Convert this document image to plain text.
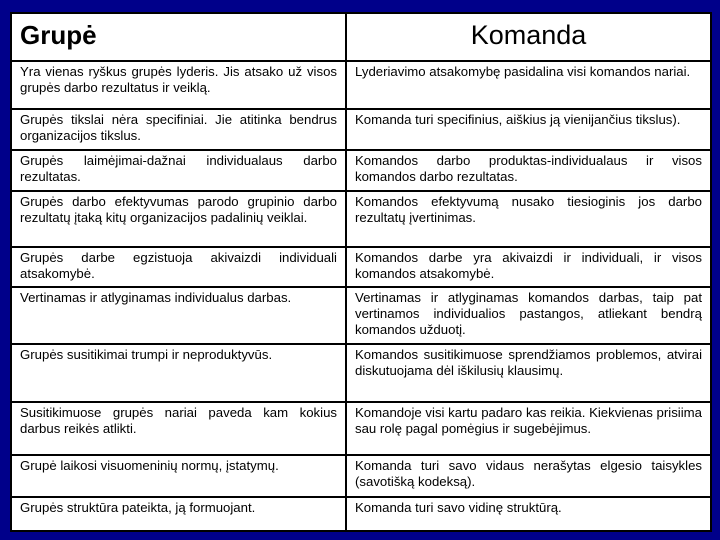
Grupė	Komanda
Yra vienas ryškus grupės lyderis. Jis atsako už visos grupės darbo rezultatus ir veiklą.	Lyderiavimo atsakomybę pasidalina visi komandos nariai.
Grupės tikslai nėra specifiniai. Jie atitinka bendrus organizacijos tikslus.	Komanda turi specifinius, aiškius ją vienijančius tikslus).
Grupės laimėjimai-dažnai individualaus darbo rezultatas.	Komandos darbo produktas-individualaus ir visos komandos darbo rezultatas.
Grupės darbo efektyvumas parodo grupinio darbo rezultatų įtaką kitų organizacijos padalinių veiklai.	Komandos efektyvumą nusako tiesioginis jos darbo rezultatų įvertinimas.
Grupės darbe egzistuoja akivaizdi individuali atsakomybė.	Komandos darbe yra akivaizdi ir individuali, ir visos komandos atsakomybė.
Vertinamas ir atlyginamas individualus darbas.	Vertinamas ir atlyginamas komandos darbas, taip pat vertinamos individualios pastangos, atliekant bendrą komandos užduotį.
Grupės susitikimai trumpi ir neproduktyvūs.	Komandos susitikimuose sprendžiamos problemos, atvirai diskutuojama dėl iškilusių klausimų.
Susitikimuose grupės nariai paveda kam kokius darbus reikės atlikti.	Komandoje visi kartu padaro kas reikia. Kiekvienas prisiima sau rolę pagal pomėgius ir sugebėjimus.
Grupė laikosi visuomeninių normų, įstatymų.	Komanda turi savo vidaus nerašytas elgesio taisykles (savotišką kodeksą).
Grupės struktūra pateikta, ją formuojant.	Komanda turi savo vidinę struktūrą.
